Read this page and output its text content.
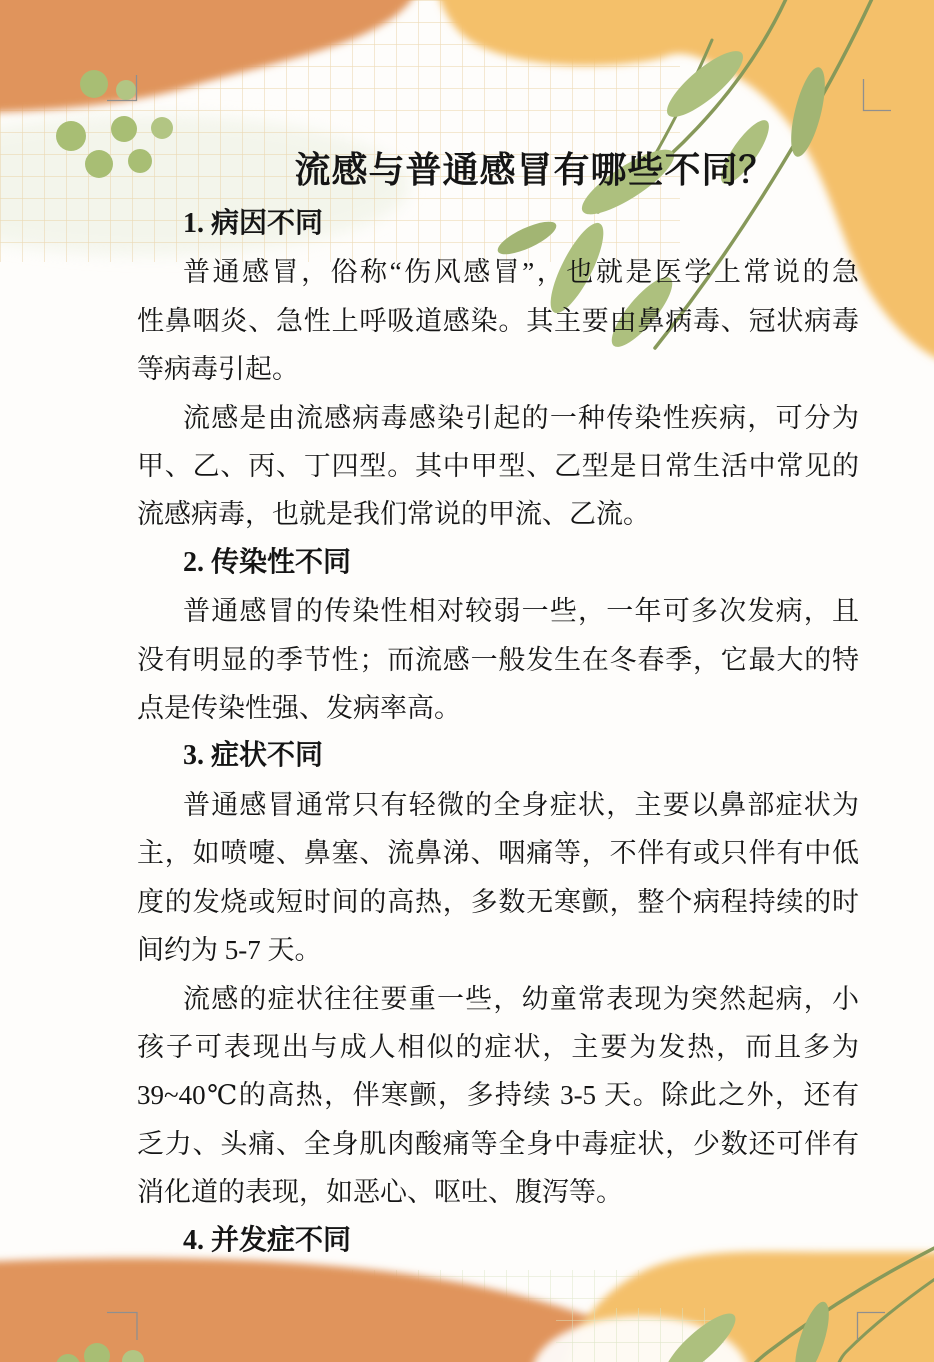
流感与普通感冒有哪些不同？
1. 病因不同

普通感冒，俗称“伤风感冒”，也就是医学上常说的急
性鼻咽炎、急性上呼吸道感染。其主要由鼻病毒、冠状病毒
等病毒引起。

流感是由流感病毒感染引起的一种传染性疾病，可分为
甲、乙、丙、丁四型。其中甲型、乙型是日常生活中常见的
流感病毒，也就是我们常说的甲流、乙流。

2. 传染性不同

普通感冒的传染性相对较弱一些，一年可多次发病，且
没有明显的季节性；而流感一般发生在冬春季，它最大的特
点是传染性强、发病率高。

3. 症状不同

普通感冒通常只有轻微的全身症状，主要以鼻部症状为
主，如喷嚏、鼻塞、流鼻涕、咽痛等，不伴有或只伴有中低
度的发烧或短时间的高热，多数无寒颤，整个病程持续的时
间约为 5-7 天。

流感的症状往往要重一些，幼童常表现为突然起病，小
孩子可表现出与成人相似的症状，主要为发热，而且多为
39~40℃的高热，伴寒颤，多持续 3-5 天。除此之外，还有
乏力、头痛、全身肌肉酸痛等全身中毒症状，少数还可伴有
消化道的表现，如恶心、呕吐、腹泻等。

4. 并发症不同
